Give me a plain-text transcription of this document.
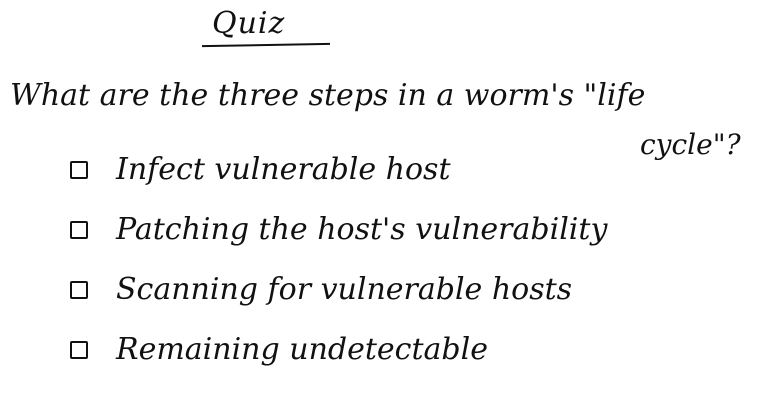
Quiz
What are the three steps in a worm's "life
cycle"?
Infect vulnerable host
Patching the host's vulnerability
Scanning for vulnerable hosts
Remaining undetectable
